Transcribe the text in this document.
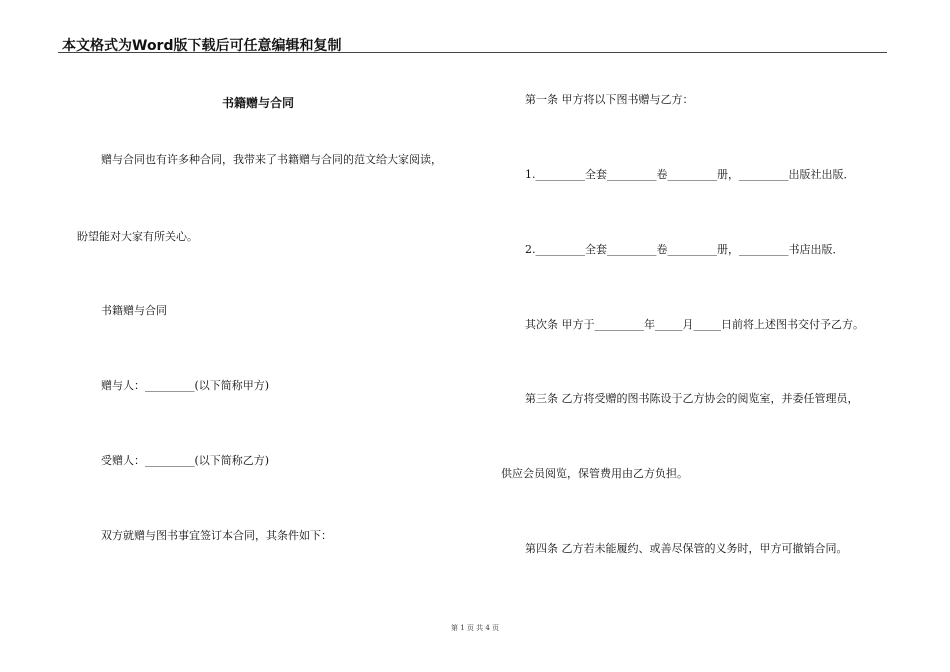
本文格式为Word版下载后可任意编辑和复制
书籍赠与合同
赠与合同也有许多种合同，我带来了书籍赠与合同的范文给大家阅读，
盼望能对大家有所关心。
书籍赠与合同
赠与人：_________(以下简称甲方)
受赠人：_________(以下简称乙方)
双方就赠与图书事宜签订本合同，其条件如下：
第一条 甲方将以下图书赠与乙方：
1._________全套_________卷_________册，_________出版社出版．
2._________全套_________卷_________册，_________书店出版．
其次条 甲方于_________年_____月_____日前将上述图书交付予乙方。
第三条 乙方将受赠的图书陈设于乙方协会的阅览室，并委任管理员，
供应会员阅览，保管费用由乙方负担。
第四条 乙方若未能履约、或善尽保管的义务时，甲方可撤销合同。
第 1 页 共 4 页
